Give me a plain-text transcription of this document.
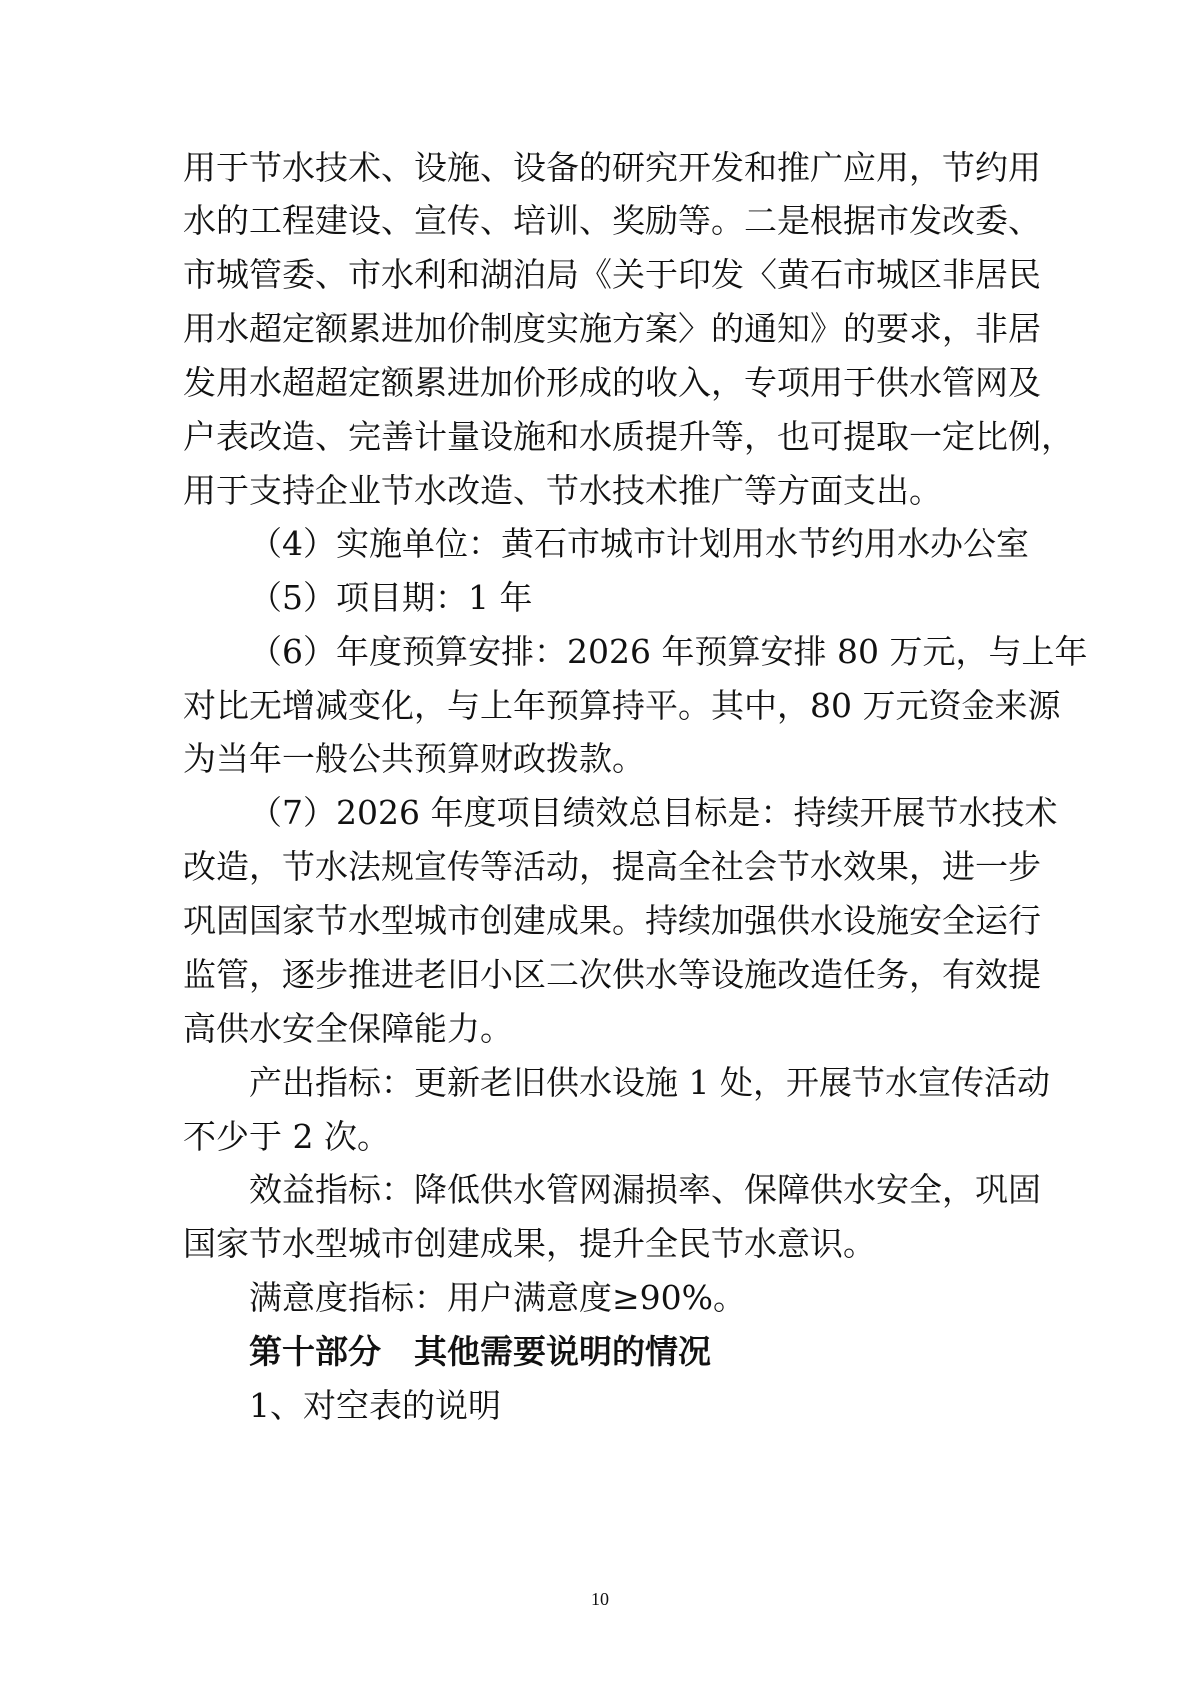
用于节水技术、设施、设备的研究开发和推广应用，节约用
水的工程建设、宣传、培训、奖励等。二是根据市发改委、
市城管委、市水利和湖泊局《关于印发〈黄石市城区非居民
用水超定额累进加价制度实施方案〉的通知》的要求，非居
发用水超超定额累进加价形成的收入，专项用于供水管网及
户表改造、完善计量设施和水质提升等，也可提取一定比例，
用于支持企业节水改造、节水技术推广等方面支出。
（4）实施单位：黄石市城市计划用水节约用水办公室
（5）项目期：1 年
（6）年度预算安排：2026 年预算安排 80 万元，与上年
对比无增减变化，与上年预算持平。其中，80 万元资金来源
为当年一般公共预算财政拨款。
（7）2026 年度项目绩效总目标是：持续开展节水技术
改造，节水法规宣传等活动，提高全社会节水效果，进一步
巩固国家节水型城市创建成果。持续加强供水设施安全运行
监管，逐步推进老旧小区二次供水等设施改造任务，有效提
高供水安全保障能力。
产出指标：更新老旧供水设施 1 处，开展节水宣传活动
不少于 2 次。
效益指标：降低供水管网漏损率、保障供水安全，巩固
国家节水型城市创建成果，提升全民节水意识。
满意度指标：用户满意度≥90%。
第十部分　其他需要说明的情况
1、对空表的说明
10
